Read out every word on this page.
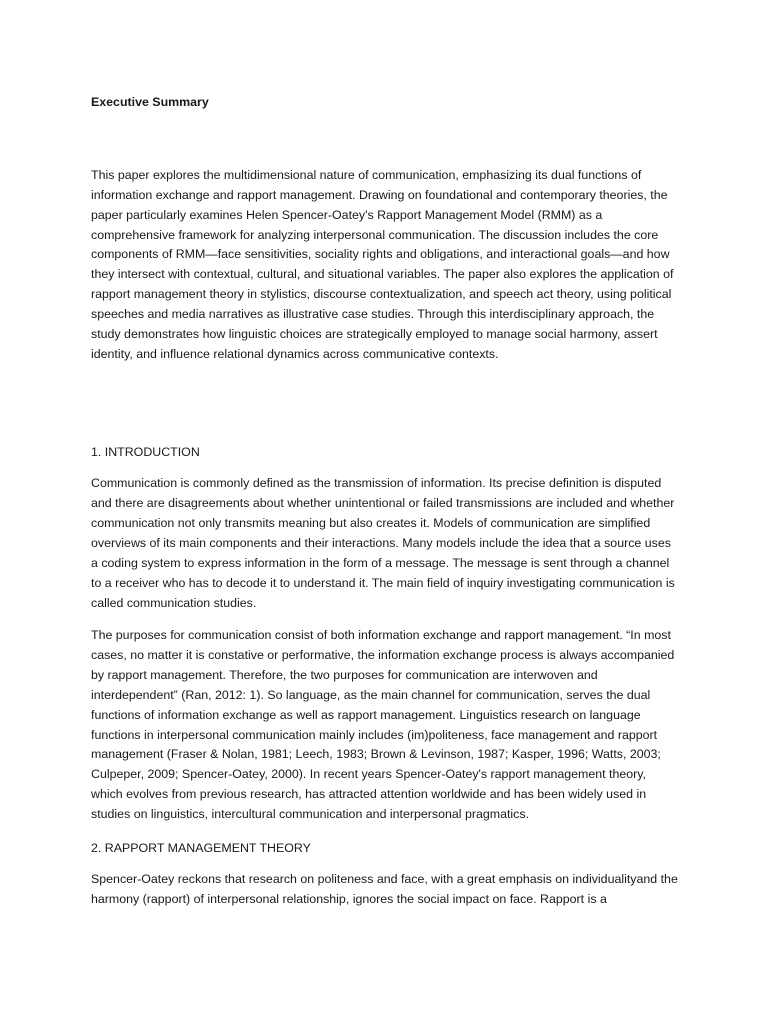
Executive Summary

This paper explores the multidimensional nature of communication, emphasizing its dual functions of information exchange and rapport management. Drawing on foundational and contemporary theories, the paper particularly examines Helen Spencer-Oatey's Rapport Management Model (RMM) as a comprehensive framework for analyzing interpersonal communication. The discussion includes the core components of RMM—face sensitivities, sociality rights and obligations, and interactional goals—and how they intersect with contextual, cultural, and situational variables. The paper also explores the application of rapport management theory in stylistics, discourse contextualization, and speech act theory, using political speeches and media narratives as illustrative case studies. Through this interdisciplinary approach, the study demonstrates how linguistic choices are strategically employed to manage social harmony, assert identity, and influence relational dynamics across communicative contexts.

1. INTRODUCTION

Communication is commonly defined as the transmission of information. Its precise definition is disputed and there are disagreements about whether unintentional or failed transmissions are included and whether communication not only transmits meaning but also creates it. Models of communication are simplified overviews of its main components and their interactions. Many models include the idea that a source uses a coding system to express information in the form of a message. The message is sent through a channel to a receiver who has to decode it to understand it. The main field of inquiry investigating communication is called communication studies.

The purposes for communication consist of both information exchange and rapport management. “In most cases, no matter it is constative or performative, the information exchange process is always accompanied by rapport management. Therefore, the two purposes for communication are interwoven and interdependent” (Ran, 2012: 1). So language, as the main channel for communication, serves the dual functions of information exchange as well as rapport management. Linguistics research on language functions in interpersonal communication mainly includes (im)politeness, face management and rapport management (Fraser & Nolan, 1981; Leech, 1983; Brown & Levinson, 1987; Kasper, 1996; Watts, 2003; Culpeper, 2009; Spencer-Oatey, 2000). In recent years Spencer-Oatey's rapport management theory, which evolves from previous research, has attracted attention worldwide and has been widely used in studies on linguistics, intercultural communication and interpersonal pragmatics.

2. RAPPORT MANAGEMENT THEORY

Spencer-Oatey reckons that research on politeness and face, with a great emphasis on individualityand the harmony (rapport) of interpersonal relationship, ignores the social impact on face. Rapport is a
